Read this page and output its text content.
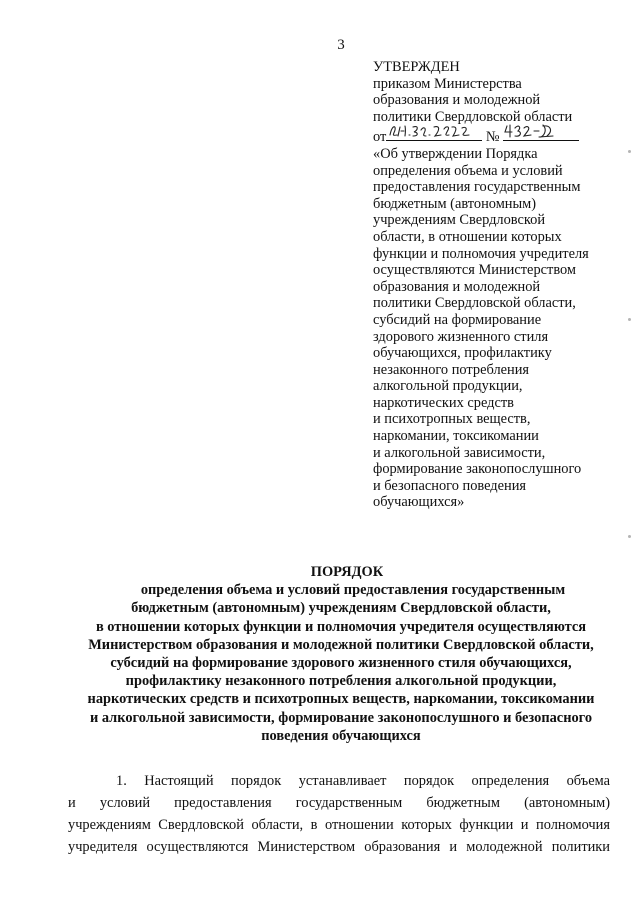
3
УТВЕРЖДЕН
приказом Министерства
образования и молодежной
политики Свердловской области
от	№
«Об утверждении Порядка
определения объема и условий
предоставления государственным
бюджетным (автономным)
учреждениям Свердловской
области, в отношении которых
функции и полномочия учредителя
осуществляются Министерством
образования и молодежной
политики Свердловской области,
субсидий на формирование
здорового жизненного стиля
обучающихся, профилактику
незаконного потребления
алкогольной продукции,
наркотических средств
и психотропных веществ,
наркомании, токсикомании
и алкогольной зависимости,
формирование законопослушного
и безопасного поведения
обучающихся»
ПОРЯДОК
определения объема и условий предоставления государственным
бюджетным (автономным) учреждениям Свердловской области,
в отношении которых функции и полномочия учредителя осуществляются
Министерством образования и молодежной политики Свердловской области,
субсидий на формирование здорового жизненного стиля обучающихся,
профилактику незаконного потребления алкогольной продукции,
наркотических средств и психотропных веществ, наркомании, токсикомании
и алкогольной зависимости, формирование законопослушного и безопасного
поведения обучающихся
1. Настоящий порядок устанавливает порядок определения объема
и условий предоставления государственным бюджетным (автономным)
учреждениям Свердловской области, в отношении которых функции и полномочия
учредителя осуществляются Министерством образования и молодежной политики
